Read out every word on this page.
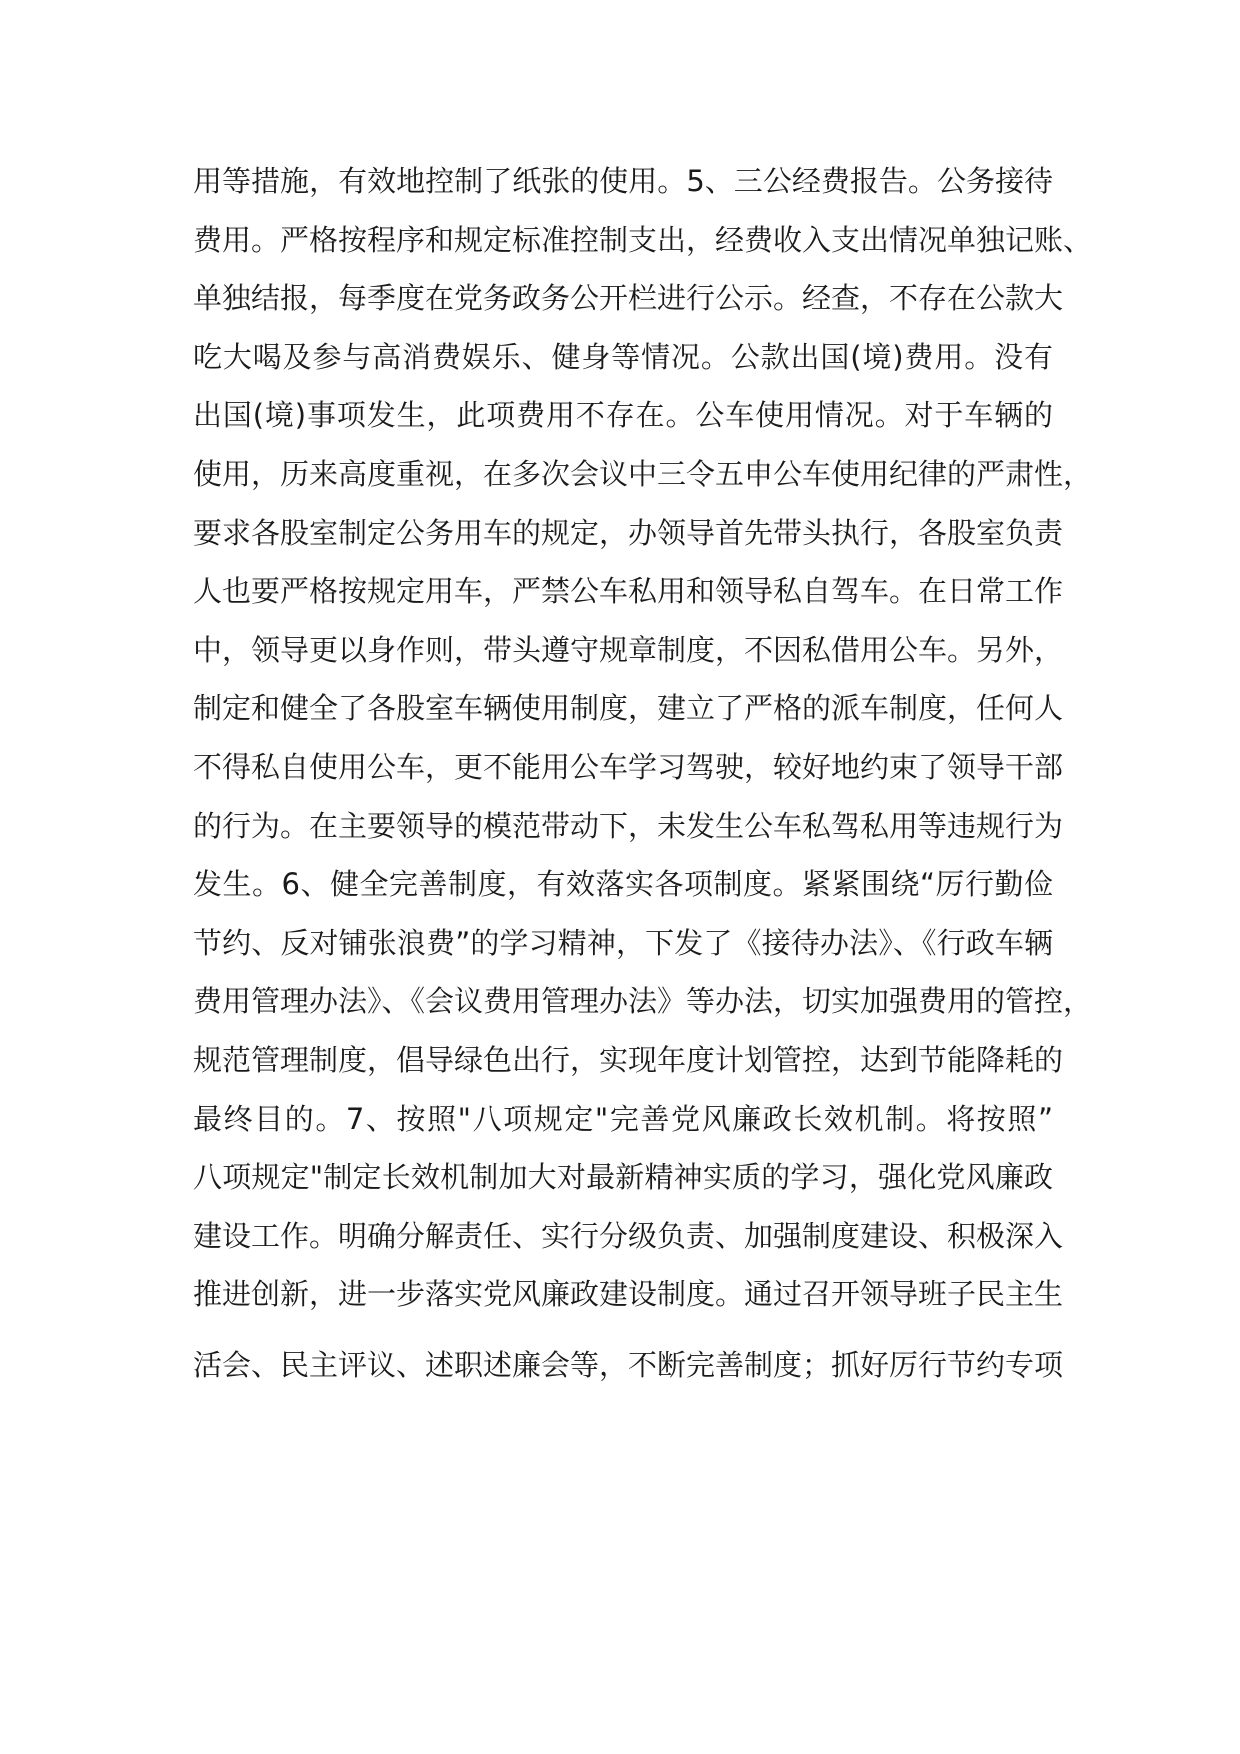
用等措施，有效地控制了纸张的使用。5、三公经费报告。公务接待
费用。严格按程序和规定标准控制支出，经费收入支出情况单独记账、
单独结报，每季度在党务政务公开栏进行公示。经查，不存在公款大
吃大喝及参与高消费娱乐、健身等情况。公款出国(境)费用。没有
出国(境)事项发生，此项费用不存在。公车使用情况。对于车辆的
使用，历来高度重视，在多次会议中三令五申公车使用纪律的严肃性，
要求各股室制定公务用车的规定，办领导首先带头执行，各股室负责
人也要严格按规定用车，严禁公车私用和领导私自驾车。在日常工作
中，领导更以身作则，带头遵守规章制度，不因私借用公车。另外，
制定和健全了各股室车辆使用制度，建立了严格的派车制度，任何人
不得私自使用公车，更不能用公车学习驾驶，较好地约束了领导干部
的行为。在主要领导的模范带动下，未发生公车私驾私用等违规行为
发生。6、健全完善制度，有效落实各项制度。紧紧围绕“厉行勤俭
节约、反对铺张浪费”的学习精神，下发了《接待办法》、《行政车辆
费用管理办法》、《会议费用管理办法》等办法，切实加强费用的管控，
规范管理制度，倡导绿色出行，实现年度计划管控，达到节能降耗的
最终目的。7、按照"八项规定"完善党风廉政长效机制。将按照”
八项规定"制定长效机制加大对最新精神实质的学习，强化党风廉政
建设工作。明确分解责任、实行分级负责、加强制度建设、积极深入
推进创新，进一步落实党风廉政建设制度。通过召开领导班子民主生
活会、民主评议、述职述廉会等，不断完善制度；抓好厉行节约专项
